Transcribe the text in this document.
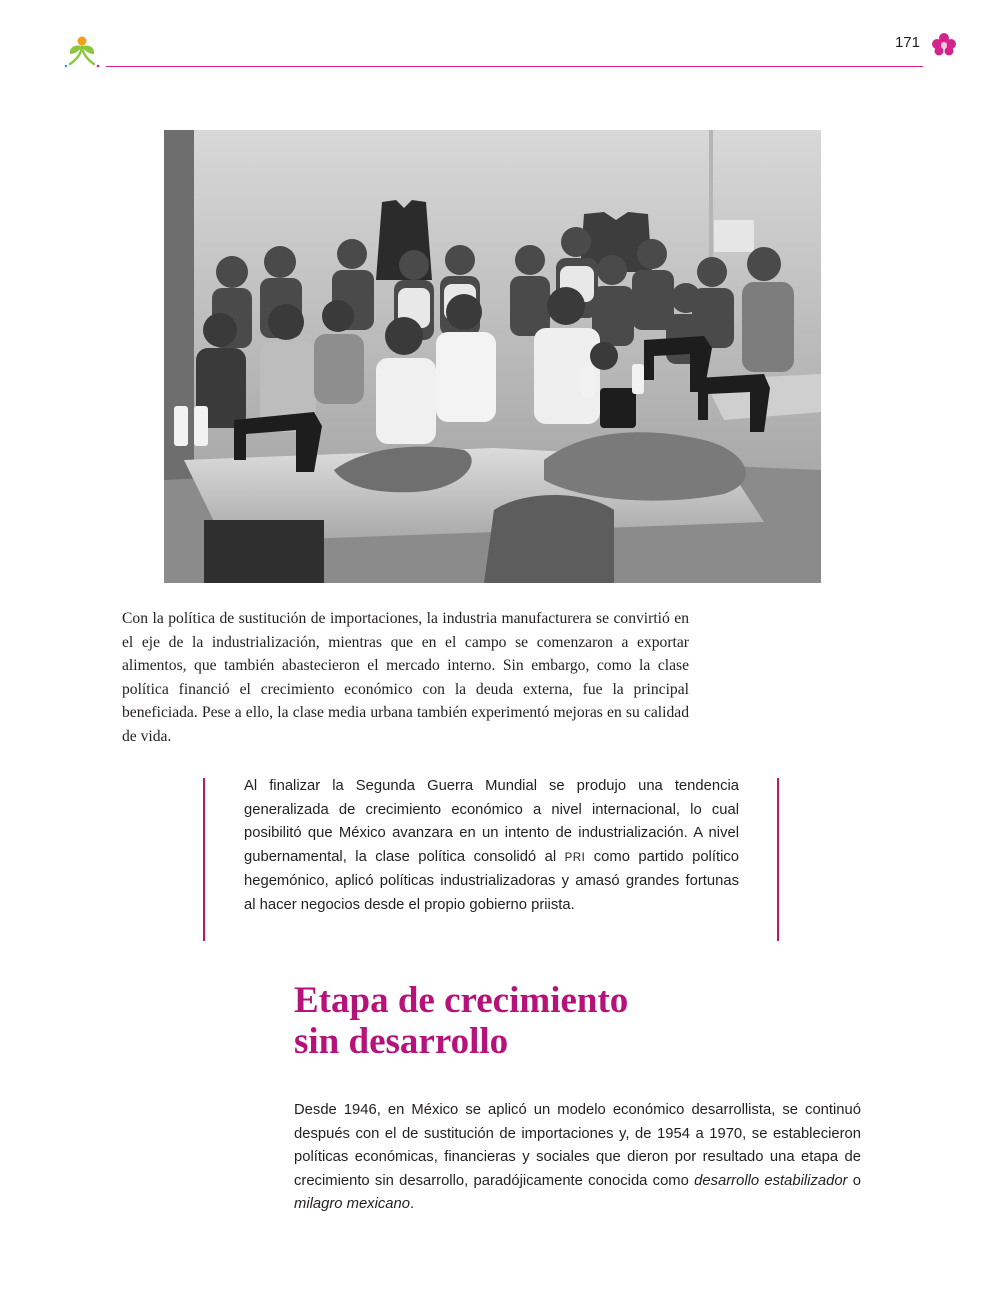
171

Con la política de sustitución de importaciones, la industria manufacturera se convirtió en el eje de la industrialización, mientras que en el campo se comenzaron a exportar alimentos, que también abastecieron el mercado interno. Sin embargo, como la clase política financió el crecimiento económico con la deuda externa, fue la principal beneficiada. Pese a ello, la clase media urbana también experimentó mejoras en su calidad de vida.

Al finalizar la Segunda Guerra Mundial se produjo una tendencia generalizada de crecimiento económico a nivel internacional, lo cual posibilitó que México avanzara en un intento de industrialización. A nivel gubernamental, la clase política consolidó al PRI como partido político hegemónico, aplicó políticas industrializadoras y amasó grandes fortunas al hacer negocios desde el propio gobierno priista.

Etapa de crecimiento
sin desarrollo

Desde 1946, en México se aplicó un modelo económico desarrollista, se continuó después con el de sustitución de importaciones y, de 1954 a 1970, se establecieron políticas económicas, financieras y sociales que dieron por resultado una etapa de crecimiento sin desarrollo, paradójicamente conocida como desarrollo estabilizador o milagro mexicano.
